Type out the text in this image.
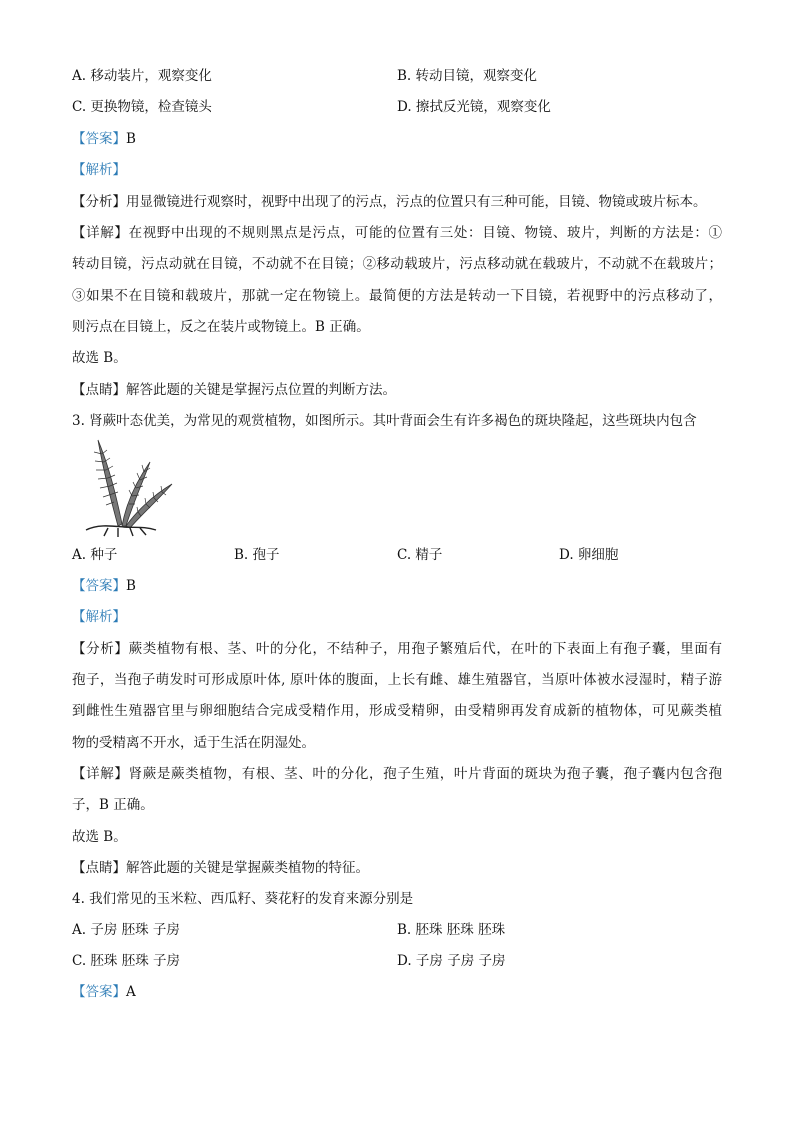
A. 移动装片，观察变化	B. 转动目镜，观察变化
C. 更换物镜，检查镜头	D. 擦拭反光镜，观察变化
【答案】B
【解析】
【分析】用显微镜进行观察时，视野中出现了的污点，污点的位置只有三种可能，目镜、物镜或玻片标本。
【详解】在视野中出现的不规则黑点是污点，可能的位置有三处：目镜、物镜、玻片，判断的方法是：①
转动目镜，污点动就在目镜，不动就不在目镜；②移动载玻片，污点移动就在载玻片，不动就不在载玻片；
③如果不在目镜和载玻片，那就一定在物镜上。最简便的方法是转动一下目镜，若视野中的污点移动了，
则污点在目镜上，反之在装片或物镜上。B 正确。
故选 B。
【点睛】解答此题的关键是掌握污点位置的判断方法。
3. 肾蕨叶态优美，为常见的观赏植物，如图所示。其叶背面会生有许多褐色的斑块隆起，这些斑块内包含
A. 种子	B. 孢子	C. 精子	D. 卵细胞
【答案】B
【解析】
【分析】蕨类植物有根、茎、叶的分化，不结种子，用孢子繁殖后代，在叶的下表面上有孢子囊，里面有
孢子，当孢子萌发时可形成原叶体, 原叶体的腹面，上长有雌、雄生殖器官，当原叶体被水浸湿时，精子游
到雌性生殖器官里与卵细胞结合完成受精作用，形成受精卵，由受精卵再发育成新的植物体，可见蕨类植
物的受精离不开水，适于生活在阴湿处。
【详解】肾蕨是蕨类植物，有根、茎、叶的分化，孢子生殖，叶片背面的斑块为孢子囊，孢子囊内包含孢
子，B 正确。
故选 B。
【点睛】解答此题的关键是掌握蕨类植物的特征。
4. 我们常见的玉米粒、西瓜籽、葵花籽的发育来源分别是
A. 子房 胚珠 子房	B. 胚珠 胚珠 胚珠
C. 胚珠 胚珠 子房	D. 子房 子房 子房
【答案】A
